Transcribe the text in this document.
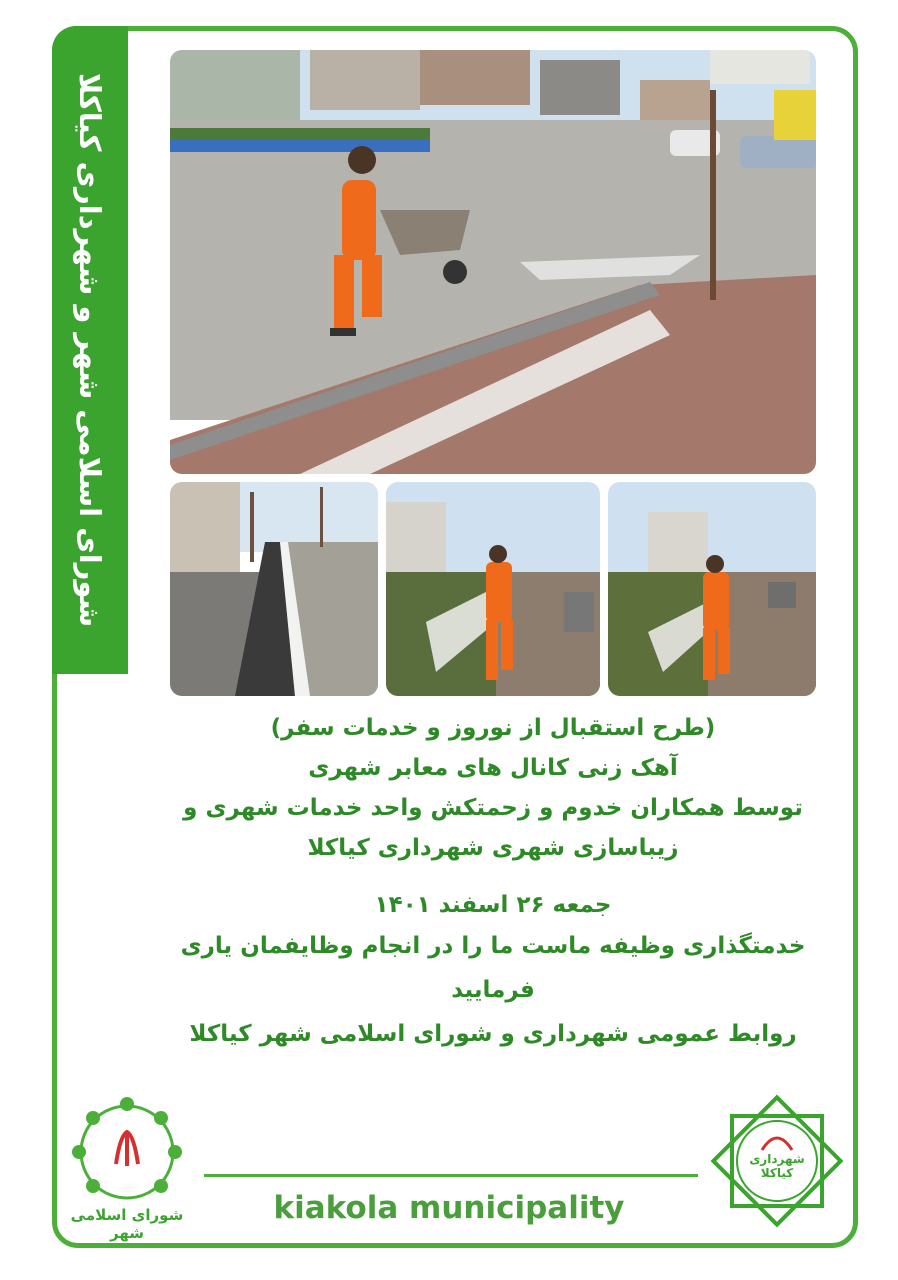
شورای اسلامی شهر و شهرداری کیاکلا
(طرح استقبال از نوروز و خدمات سفر)
آهک زنی کانال های معابر شهری
توسط همکاران خدوم و زحمتکش واحد خدمات شهری و
زیباسازی شهری شهرداری کیاکلا
جمعه ۲۶ اسفند ۱۴۰۱
خدمتگذاری وظیفه ماست ما را در انجام وظایفمان یاری
فرمایید
روابط عمومی شهرداری و شورای اسلامی شهر کیاکلا
شورای اسلامی شهر
kiakola municipality
شهرداری کیاکلا
